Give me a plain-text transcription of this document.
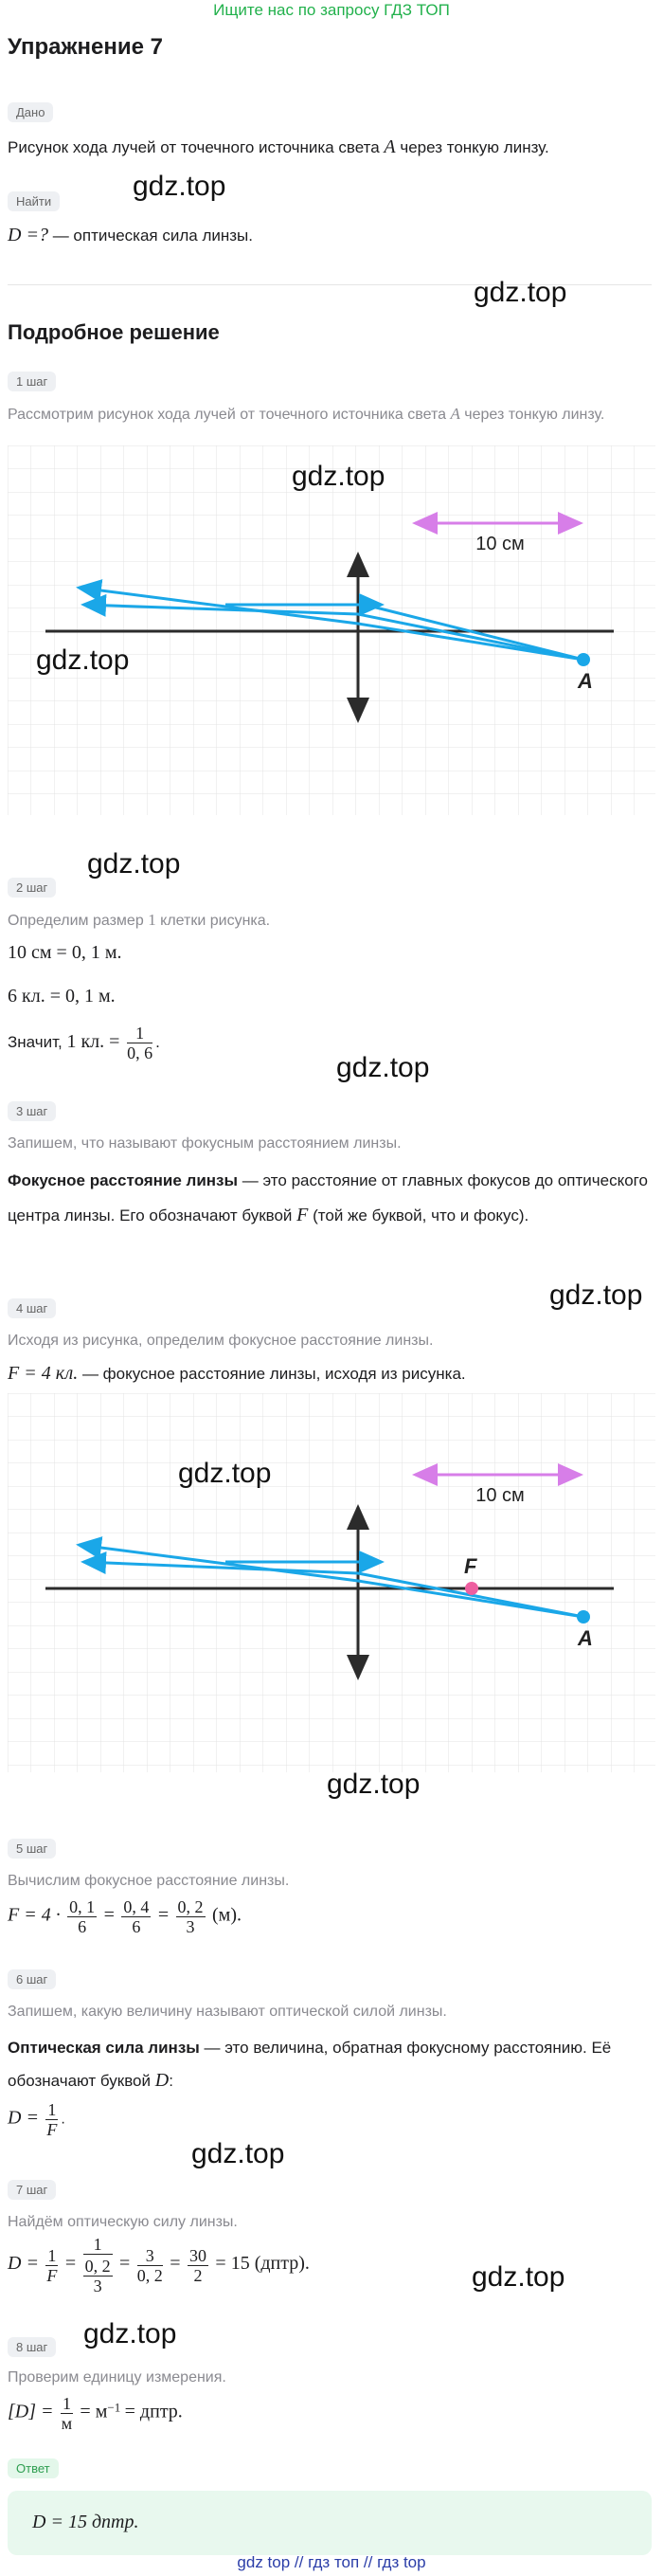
Ищите нас по запросу ГДЗ ТОП
Упражнение 7
Дано
Рисунок хода лучей от точечного источника света A через тонкую линзу.
gdz.top
Найти
D =? — оптическая сила линзы.
gdz.top
Подробное решение
1 шаг
Рассмотрим рисунок хода лучей от точечного источника света A через тонкую линзу.
10 см
A
gdz.top
gdz.top
gdz.top
2 шаг
Определим размер 1 клетки рисунка.
10 см = 0, 1 м.
6 кл. = 0, 1 м.
Значит, 1 кл. = $\frac{1}{0, 6}$ .
gdz.top
3 шаг
Запишем, что называют фокусным расстоянием линзы.
Фокусное расстояние линзы — это расстояние от главных фокусов до оптического центра линзы. Его обозначают буквой F (той же буквой, что и фокус).
gdz.top
4 шаг
Исходя из рисунка, определим фокусное расстояние линзы.
F = 4 кл. — фокусное расстояние линзы, исходя из рисунка.
10 см
F
A
gdz.top
gdz.top
5 шаг
Вычислим фокусное расстояние линзы.
$F = 4 \cdot \frac{0, 1}{6} = \frac{0, 4}{6} = \frac{0, 2}{3} (м)$.
6 шаг
Запишем, какую величину называют оптической силой линзы.
Оптическая сила линзы — это величина, обратная фокусному расстоянию. Её обозначают буквой D:
$D = \frac{1}{F}$ .
gdz.top
7 шаг
Найдём оптическую силу линзы.
$D = \frac{1}{F} = 1$
0, 2
$3 = \frac{3}{0, 2} = \frac{30}{2} = 15$ (дптр).	gdz.top
gdz.top
8 шаг
Проверим единицу измерения.
$[D] = \frac{1}{м} = м^{-1}$ = дптр.
Ответ
D = 15 дптр.
gdz top // гдз топ // гдз top
